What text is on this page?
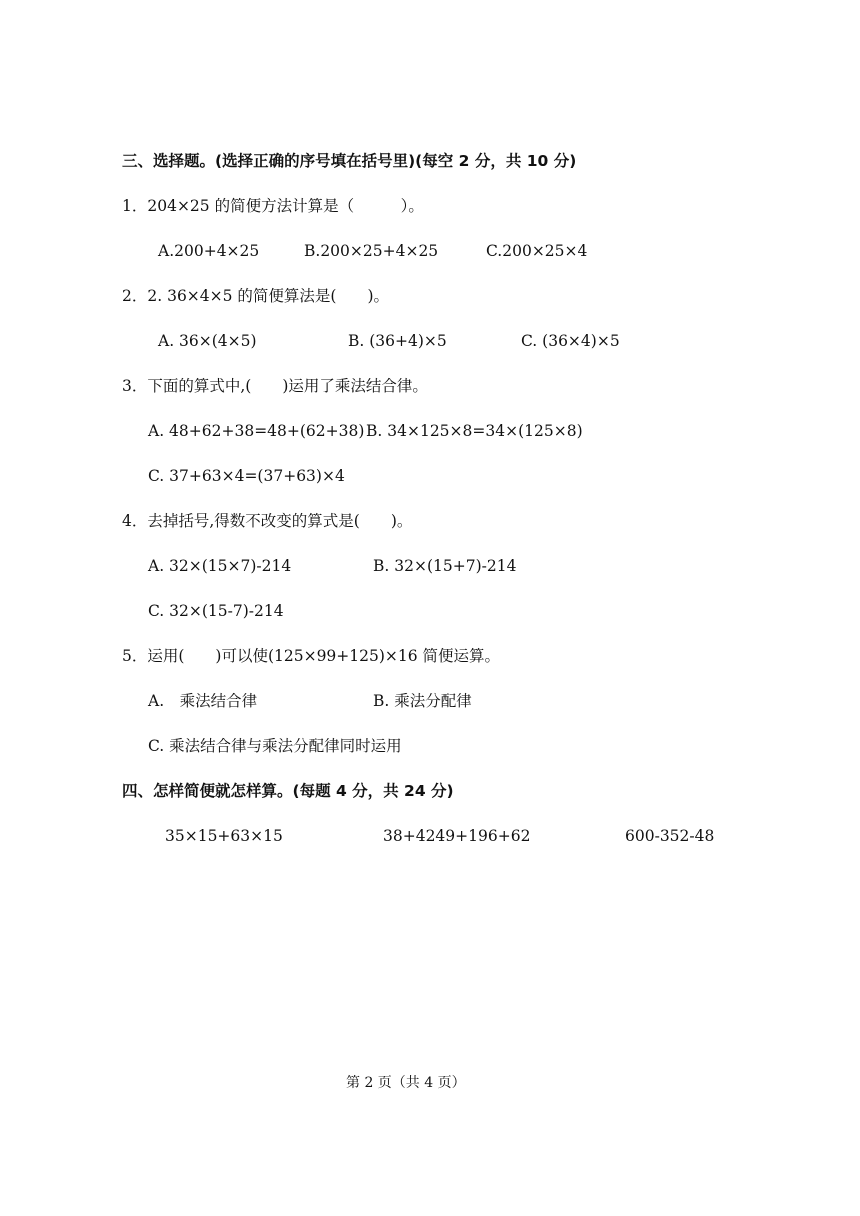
三、选择题。(选择正确的序号填在括号里)(每空 2 分，共 10 分)
1．204×25 的简便方法计算是（　　　）。
A.200+4×25	B.200×25+4×25	C.200×25×4
2．2. 36×4×5 的简便算法是(　　)。
A. 36×(4×5)	B. (36+4)×5	C. (36×4)×5
3．下面的算式中,(　　)运用了乘法结合律。
A. 48+62+38=48+(62+38) B. 34×125×8=34×(125×8)
C. 37+63×4=(37+63)×4
4．去掉括号,得数不改变的算式是(　　)。
A. 32×(15×7)-214	B. 32×(15+7)-214
C. 32×(15-7)-214
5．运用(　　)可以使(125×99+125)×16 简便运算。
A.　乘法结合律	B. 乘法分配律
C. 乘法结合律与乘法分配律同时运用
四、怎样简便就怎样算。(每题 4 分，共 24 分)
35×15+63×15	38+4249+196+62	600-352-48
第 2 页（共 4 页）
